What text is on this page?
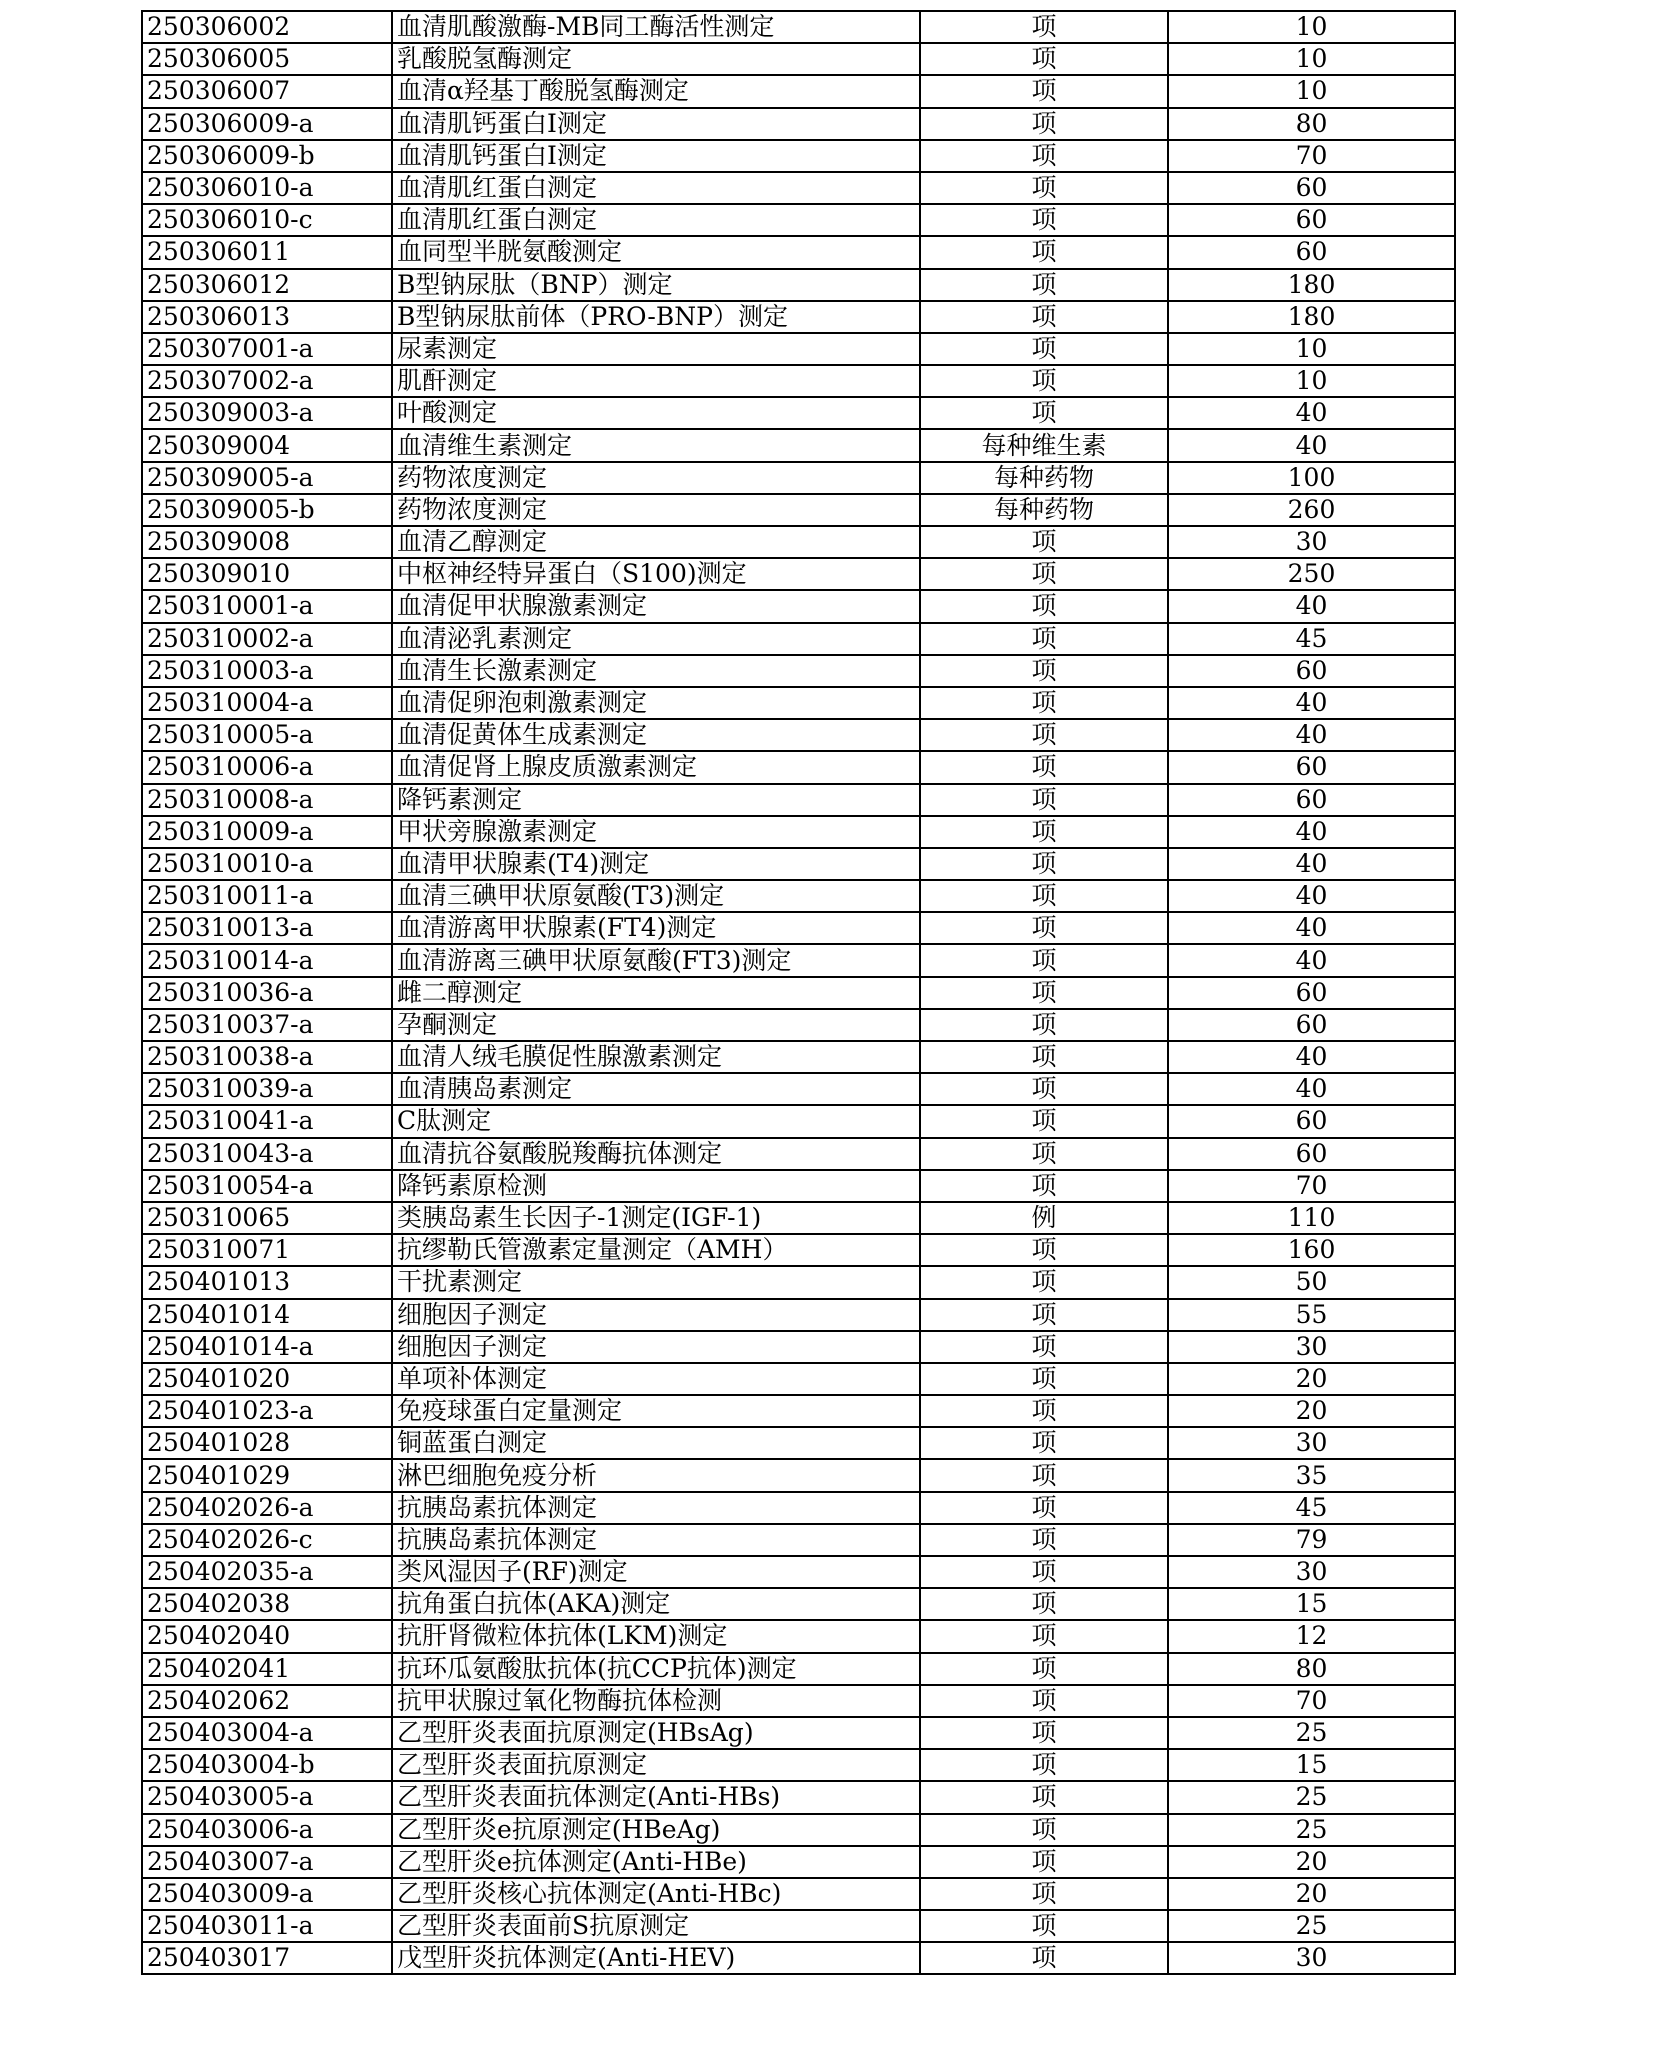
250306002	血清肌酸激酶-MB同工酶活性测定	项	10
250306005	乳酸脱氢酶测定	项	10
250306007	血清α羟基丁酸脱氢酶测定	项	10
250306009-a	血清肌钙蛋白Ⅰ测定	项	80
250306009-b	血清肌钙蛋白Ⅰ测定	项	70
250306010-a	血清肌红蛋白测定	项	60
250306010-c	血清肌红蛋白测定	项	60
250306011	血同型半胱氨酸测定	项	60
250306012	B型钠尿肽（BNP）测定	项	180
250306013	B型钠尿肽前体（PRO-BNP）测定	项	180
250307001-a	尿素测定	项	10
250307002-a	肌酐测定	项	10
250309003-a	叶酸测定	项	40
250309004	血清维生素测定	每种维生素	40
250309005-a	药物浓度测定	每种药物	100
250309005-b	药物浓度测定	每种药物	260
250309008	血清乙醇测定	项	30
250309010	中枢神经特异蛋白（S100)测定	项	250
250310001-a	血清促甲状腺激素测定	项	40
250310002-a	血清泌乳素测定	项	45
250310003-a	血清生长激素测定	项	60
250310004-a	血清促卵泡刺激素测定	项	40
250310005-a	血清促黄体生成素测定	项	40
250310006-a	血清促肾上腺皮质激素测定	项	60
250310008-a	降钙素测定	项	60
250310009-a	甲状旁腺激素测定	项	40
250310010-a	血清甲状腺素(T4)测定	项	40
250310011-a	血清三碘甲状原氨酸(T3)测定	项	40
250310013-a	血清游离甲状腺素(FT4)测定	项	40
250310014-a	血清游离三碘甲状原氨酸(FT3)测定	项	40
250310036-a	雌二醇测定	项	60
250310037-a	孕酮测定	项	60
250310038-a	血清人绒毛膜促性腺激素测定	项	40
250310039-a	血清胰岛素测定	项	40
250310041-a	C肽测定	项	60
250310043-a	血清抗谷氨酸脱羧酶抗体测定	项	60
250310054-a	降钙素原检测	项	70
250310065	类胰岛素生长因子-1测定(IGF-1)	例	110
250310071	抗缪勒氏管激素定量测定（AMH）	项	160
250401013	干扰素测定	项	50
250401014	细胞因子测定	项	55
250401014-a	细胞因子测定	项	30
250401020	单项补体测定	项	20
250401023-a	免疫球蛋白定量测定	项	20
250401028	铜蓝蛋白测定	项	30
250401029	淋巴细胞免疫分析	项	35
250402026-a	抗胰岛素抗体测定	项	45
250402026-c	抗胰岛素抗体测定	项	79
250402035-a	类风湿因子(RF)测定	项	30
250402038	抗角蛋白抗体(AKA)测定	项	15
250402040	抗肝肾微粒体抗体(LKM)测定	项	12
250402041	抗环瓜氨酸肽抗体(抗CCP抗体)测定	项	80
250402062	抗甲状腺过氧化物酶抗体检测	项	70
250403004-a	乙型肝炎表面抗原测定(HBsAg)	项	25
250403004-b	乙型肝炎表面抗原测定	项	15
250403005-a	乙型肝炎表面抗体测定(Anti-HBs)	项	25
250403006-a	乙型肝炎e抗原测定(HBeAg)	项	25
250403007-a	乙型肝炎e抗体测定(Anti-HBe)	项	20
250403009-a	乙型肝炎核心抗体测定(Anti-HBc)	项	20
250403011-a	乙型肝炎表面前S抗原测定	项	25
250403017	戊型肝炎抗体测定(Anti-HEV)	项	30
